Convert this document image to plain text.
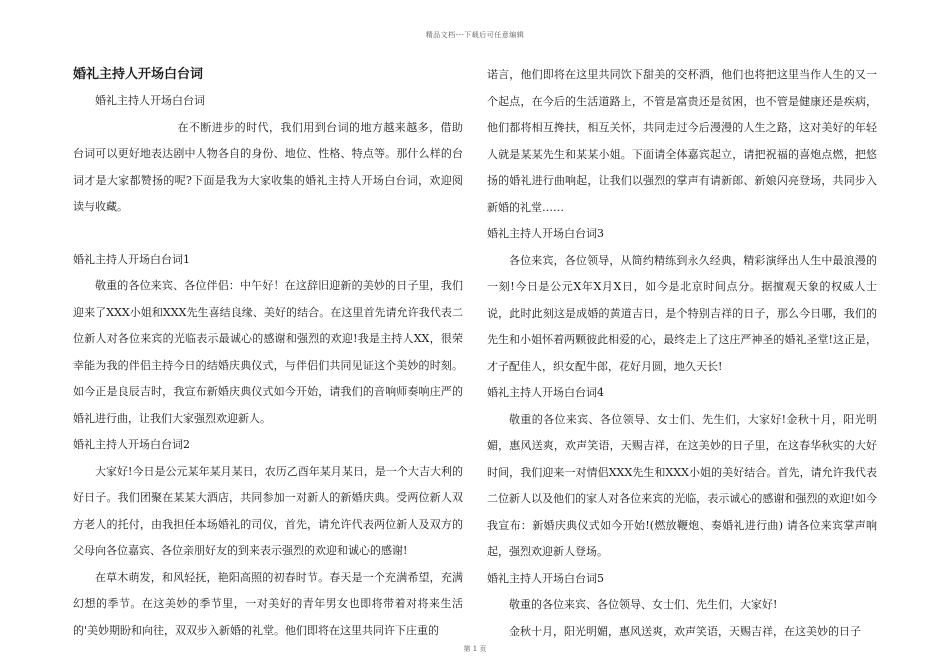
精品文档---下载后可任意编辑

婚礼主持人开场白台词

婚礼主持人开场白台词

在不断进步的时代，我们用到台词的地方越来越多，借助台词可以更好地表达剧中人物各自的身份、地位、性格、特点等。那什么样的台词才是大家都赞扬的呢?下面是我为大家收集的婚礼主持人开场白台词，欢迎阅读与收藏。

婚礼主持人开场白台词1

敬重的各位来宾、各位伴侣：中午好！在这辞旧迎新的美妙的日子里，我们迎来了XXX小姐和XXX先生喜结良缘、美好的结合。在这里首先请允许我代表二位新人对各位来宾的光临表示最诚心的感谢和强烈的欢迎!我是主持人XX，很荣幸能为我的伴侣主持今日的结婚庆典仪式，与伴侣们共同见证这个美妙的时刻。如今正是良辰吉时，我宣布新婚庆典仪式如今开始，请我们的音响师奏响庄严的婚礼进行曲，让我们大家强烈欢迎新人。

婚礼主持人开场白台词2

大家好!今日是公元某年某月某日，农历乙酉年某月某日，是一个大吉大利的好日子。我们团聚在某某大酒店，共同参加一对新人的新婚庆典。受两位新人双方老人的托付，由我担任本场婚礼的司仪，首先，请允许代表两位新人及双方的父母向各位嘉宾、各位亲朋好友的到来表示强烈的欢迎和诚心的感谢!

在草木萌发，和风轻抚，艳阳高照的初春时节。春天是一个充满希望，充满幻想的季节。在这美妙的季节里，一对美好的青年男女也即将带着对将来生活的'美妙期盼和向往，双双步入新婚的礼堂。他们即将在这里共同许下庄重的

诺言，他们即将在这里共同饮下甜美的交杯酒，他们也将把这里当作人生的又一个起点，在今后的生活道路上，不管是富贵还是贫困，也不管是健康还是疾病，他们都将相互搀扶，相互关怀，共同走过今后漫漫的人生之路，这对美好的年轻人就是某某先生和某某小姐。下面请全体嘉宾起立，请把祝福的喜炮点燃，把悠扬的婚礼进行曲响起，让我们以强烈的掌声有请新郎、新娘闪亮登场，共同步入新婚的礼堂……

婚礼主持人开场白台词3

各位来宾，各位领导，从简约精练到永久经典，精彩演绎出人生中最浪漫的一刻!今日是公元X年X月X日，如今是北京时间点分。据擅观天象的权威人士说，此时此刻这是成婚的黄道吉日，是个特别吉祥的日子，那么今日哪，我们的先生和小姐怀着两颗彼此相爱的心，最终走上了这庄严神圣的婚礼圣堂!这正是，才子配佳人，织女配牛郎，花好月圆，地久天长!

婚礼主持人开场白台词4

敬重的各位来宾、各位领导、女士们、先生们，大家好!金秋十月，阳光明媚，惠风送爽，欢声笑语，天赐吉祥，在这美妙的日子里，在这春华秋实的大好时间，我们迎来一对情侣XXX先生和XXX小姐的美好结合。首先，请允许我代表二位新人以及他们的家人对各位来宾的光临，表示诚心的感谢和强烈的欢迎!如今我宣布：新婚庆典仪式如今开始!(燃放鞭炮、奏婚礼进行曲) 请各位来宾掌声响起，强烈欢迎新人登场。

婚礼主持人开场白台词5

敬重的各位来宾、各位领导、女士们、先生们，大家好!

金秋十月，阳光明媚，惠风送爽，欢声笑语，天赐吉祥，在这美妙的日子

第 1 页
